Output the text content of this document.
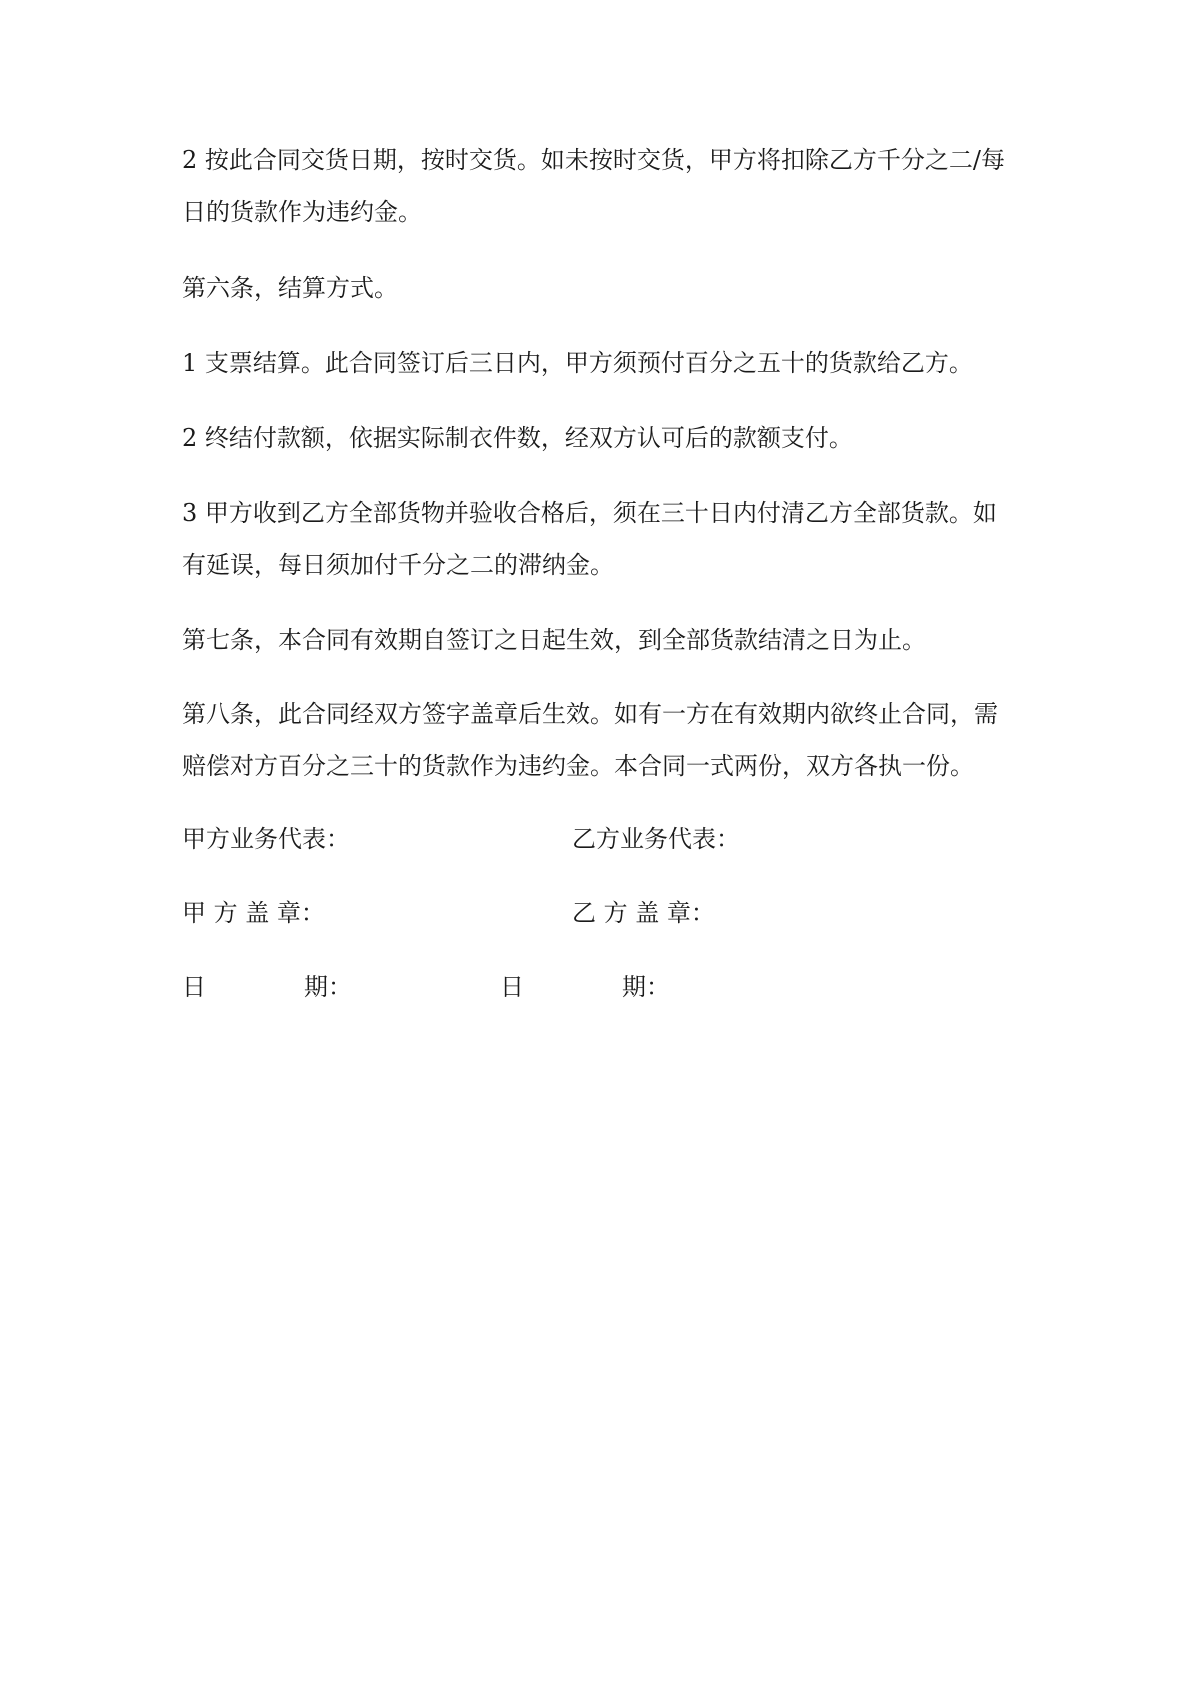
2 按此合同交货日期，按时交货。如未按时交货，甲方将扣除乙方千分之二/每
日的货款作为违约金。

第六条，结算方式。

1 支票结算。此合同签订后三日内，甲方须预付百分之五十的货款给乙方。

2 终结付款额，依据实际制衣件数，经双方认可后的款额支付。

3 甲方收到乙方全部货物并验收合格后，须在三十日内付清乙方全部货款。如
有延误，每日须加付千分之二的滞纳金。

第七条，本合同有效期自签订之日起生效，到全部货款结清之日为止。

第八条，此合同经双方签字盖章后生效。如有一方在有效期内欲终止合同，需
赔偿对方百分之三十的货款作为违约金。本合同一式两份，双方各执一份。

甲方业务代表：	乙方业务代表：
甲 方 盖 章：	乙 方 盖 章：
日	期：	日	期：
